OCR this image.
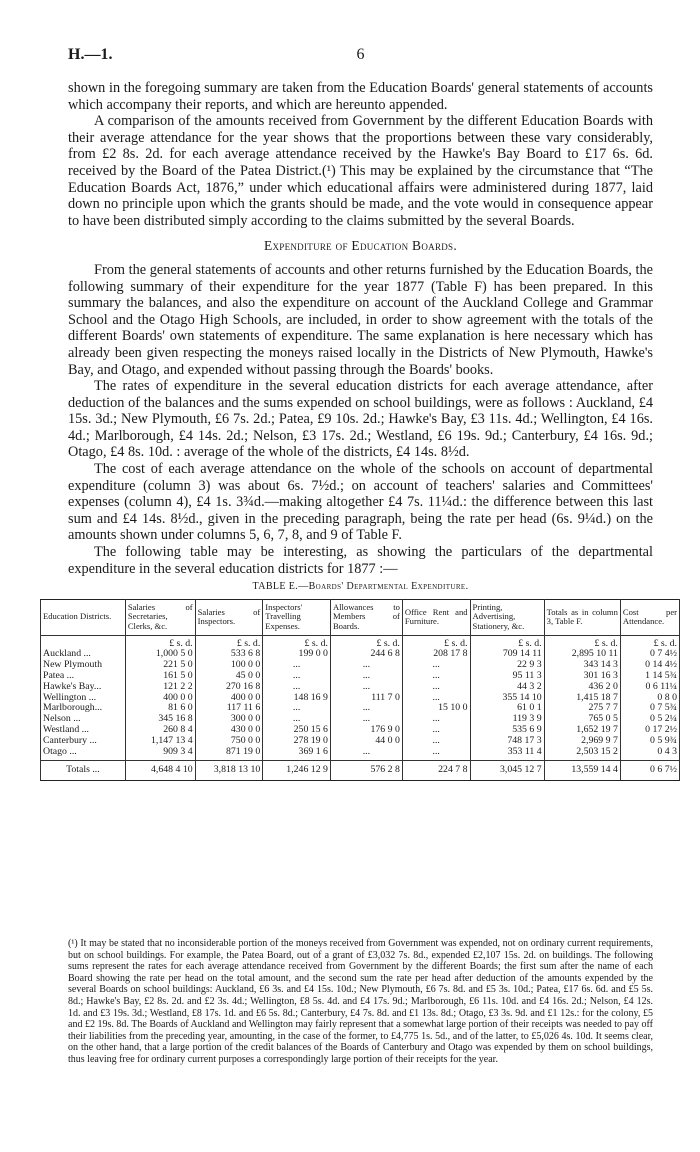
H.—1.	6

shown in the foregoing summary are taken from the Education Boards' general statements of accounts which accompany their reports, and which are hereunto appended.

A comparison of the amounts received from Government by the different Education Boards with their average attendance for the year shows that the proportions between these vary considerably, from £2 8s. 2d. for each average attendance received by the Hawke's Bay Board to £17 6s. 6d. received by the Board of the Patea District.(¹) This may be explained by the circumstance that “The Education Boards Act, 1876,” under which educational affairs were administered during 1877, laid down no principle upon which the grants should be made, and the vote would in consequence appear to have been distributed simply according to the claims submitted by the several Boards.

Expenditure of Education Boards.

From the general statements of accounts and other returns furnished by the Education Boards, the following summary of their expenditure for the year 1877 (Table F) has been prepared. In this summary the balances, and also the expenditure on account of the Auckland College and Grammar School and the Otago High Schools, are included, in order to show agreement with the totals of the different Boards' own statements of expenditure. The same explanation is here necessary which has already been given respecting the moneys raised locally in the Districts of New Plymouth, Hawke's Bay, and Otago, and expended without passing through the Boards' books.

The rates of expenditure in the several education districts for each average attendance, after deduction of the balances and the sums expended on school buildings, were as follows : Auckland, £4 15s. 3d.; New Plymouth, £6 7s. 2d.; Patea, £9 10s. 2d.; Hawke's Bay, £3 11s. 4d.; Wellington, £4 16s. 4d.; Marlborough, £4 14s. 2d.; Nelson, £3 17s. 2d.; Westland, £6 19s. 9d.; Canterbury, £4 16s. 9d.; Otago, £4 8s. 10d. : average of the whole of the districts, £4 14s. 8½d.

The cost of each average attendance on the whole of the schools on account of departmental expenditure (column 3) was about 6s. 7½d.; on account of teachers' salaries and Committees' expenses (column 4), £4 1s. 3¾d.—making altogether £4 7s. 11¼d.: the difference between this last sum and £4 14s. 8½d., given in the preceding paragraph, being the rate per head (6s. 9¼d.) on the amounts shown under columns 5, 6, 7, 8, and 9 of Table F.

The following table may be interesting, as showing the particulars of the departmental expenditure in the several education districts for 1877 :—

TABLE E.—Boards' Departmental Expenditure.

Education Districts.	Salaries of Secretaries, Clerks, &c.	Salaries of Inspectors.	Inspectors' Travelling Expenses.	Allowances to Members of Boards.	Office Rent and Furniture.	Printing, Advertising, Stationery, &c.	Totals as in column 3, Table F.	Cost per Attendance.
	£ s. d.	£ s. d.	£ s. d.	£ s. d.	£ s. d.	£ s. d.	£ s. d.	£ s. d.
Auckland ...	1,000 5 0	533 6 8	199 0 0	244 6 8	208 17 8	709 14 11	2,895 10 11	0 7 4½
New Plymouth	221 5 0	100 0 0	...	...	...	22 9 3	343 14 3	0 14 4½
Patea ...	161 5 0	45 0 0	...	...	...	95 11 3	301 16 3	1 14 5¾
Hawke's Bay...	121 2 2	270 16 8	...	...	...	44 3 2	436 2 0	0 6 11¼
Wellington ...	400 0 0	400 0 0	148 16 9	111 7 0	...	355 14 10	1,415 18 7	0 8 0
Marlborough...	81 6 0	117 11 6	...	...	15 10 0	61 0 1	275 7 7	0 7 5¾
Nelson ...	345 16 8	300 0 0	...	...	...	119 3 9	765 0 5	0 5 2¼
Westland ...	260 8 4	430 0 0	250 15 6	176 9 0	...	535 6 9	1,652 19 7	0 17 2½
Canterbury ...	1,147 13 4	750 0 0	278 19 0	44 0 0	...	748 17 3	2,969 9 7	0 5 9¾
Otago ...	909 3 4	871 19 0	369 1 6	...	...	353 11 4	2,503 15 2	0 4 3
Totals ...	4,648 4 10	3,818 13 10	1,246 12 9	576 2 8	224 7 8	3,045 12 7	13,559 14 4	0 6 7½
(¹) It may be stated that no inconsiderable portion of the moneys received from Government was expended, not on ordinary current requirements, but on school buildings. For example, the Patea Board, out of a grant of £3,032 7s. 8d., expended £2,107 15s. 2d. on buildings. The following sums represent the rates for each average attendance received from Government by the different Boards; the first sum after the name of each Board showing the rate per head on the total amount, and the second sum the rate per head after deduction of the amounts expended by the several Boards on school buildings: Auckland, £6 3s. and £4 15s. 10d.; New Plymouth, £6 7s. 8d. and £5 3s. 10d.; Patea, £17 6s. 6d. and £5 5s. 8d.; Hawke's Bay, £2 8s. 2d. and £2 3s. 4d.; Wellington, £8 5s. 4d. and £4 17s. 9d.; Marlborough, £6 11s. 10d. and £4 16s. 2d.; Nelson, £4 12s. 1d. and £3 19s. 3d.; Westland, £8 17s. 1d. and £6 5s. 8d.; Canterbury, £4 7s. 8d. and £1 13s. 8d.; Otago, £3 3s. 9d. and £1 12s.: for the colony, £5 and £2 19s. 8d. The Boards of Auckland and Wellington may fairly represent that a somewhat large portion of their receipts was needed to pay off their liabilities from the preceding year, amounting, in the case of the former, to £4,775 1s. 5d., and of the latter, to £5,026 4s. 10d. It seems clear, on the other hand, that a large portion of the credit balances of the Boards of Canterbury and Otago was expended by them on school buildings, thus leaving free for ordinary current purposes a correspondingly large portion of their receipts for the year.
